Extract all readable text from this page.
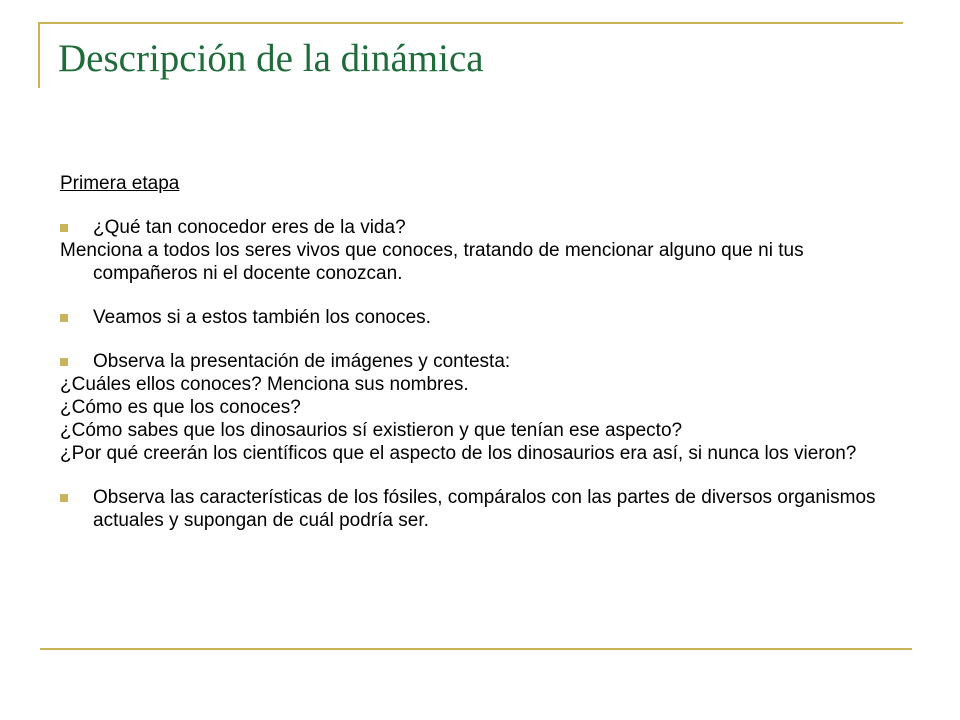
Descripción de la dinámica

Primera etapa

¿Qué tan conocedor eres de la vida?

Menciona a todos los seres vivos que conoces, tratando de mencionar alguno que ni tus compañeros ni el docente conozcan.

Veamos si a estos también los conoces.

Observa la presentación de imágenes y contesta:

¿Cuáles ellos conoces? Menciona sus nombres.

¿Cómo es que los conoces?

¿Cómo sabes que los dinosaurios sí existieron y que tenían ese aspecto?

¿Por qué creerán los científicos que el aspecto de los dinosaurios era así, si nunca los vieron?

Observa las características de los fósiles, compáralos con las partes de diversos organismos actuales y supongan de cuál podría ser.
